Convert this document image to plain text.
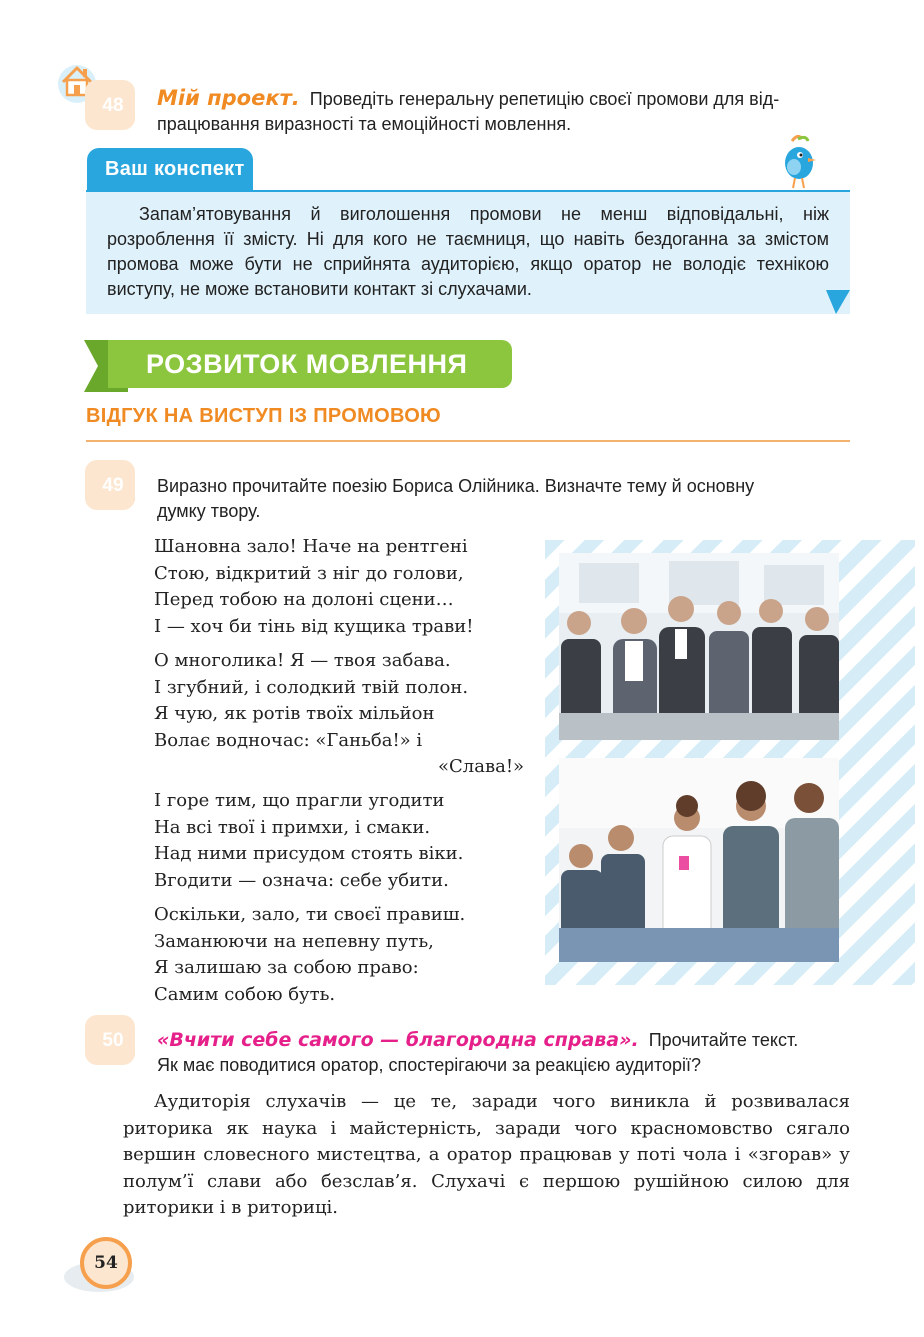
48	Мій проект. Проведіть генеральну репетицію своєї промови для від-
працювання виразності та емоційності мовлення.
Ваш конспект
Запам’ятовування й виголошення промови не менш відповідальні, ніж розроблення її змісту. Ні для кого не таємниця, що навіть бездоганна за змістом промова може бути не сприйнята аудиторією, якщо оратор не володіє технікою виступу, не може встановити контакт зі слухачами.
РОЗВИТОК МОВЛЕННЯ
ВІДГУК НА ВИСТУП ІЗ ПРОМОВОЮ
49	Виразно прочитайте поезію Бориса Олійника. Визначте тему й основну
думку твору.
Шановна зало! Наче на рентгені
Стою, відкритий з ніг до голови,
Перед тобою на долоні сцени…
І — хоч би тінь від кущика трави!
О многолика! Я — твоя забава.
І згубний, і солодкий твій полон.
Я чую, як ротів твоїх мільйон
Волає водночас: «Ганьба!» і
«Слава!»
І горе тим, що прагли угодити
На всі твої і примхи, і смаки.
Над ними присудом стоять віки.
Вгодити — означа: себе убити.
Оскільки, зало, ти своєї правиш.
Заманюючи на непевну путь,
Я залишаю за собою право:
Самим собою буть.
50	«Вчити себе самого — благородна справа». Прочитайте текст.
Як має поводитися оратор, спостерігаючи за реакцією аудиторії?
Аудиторія слухачів — це те, заради чого виникла й розвивалася риторика як наука і майстерність, заради чого красномовство сягало вершин словесного мистецтва, а оратор працював у поті чола і «згорав» у полум’ї слави або безслав’я. Слухачі є першою рушійною силою для риторики і в риториці.
54
